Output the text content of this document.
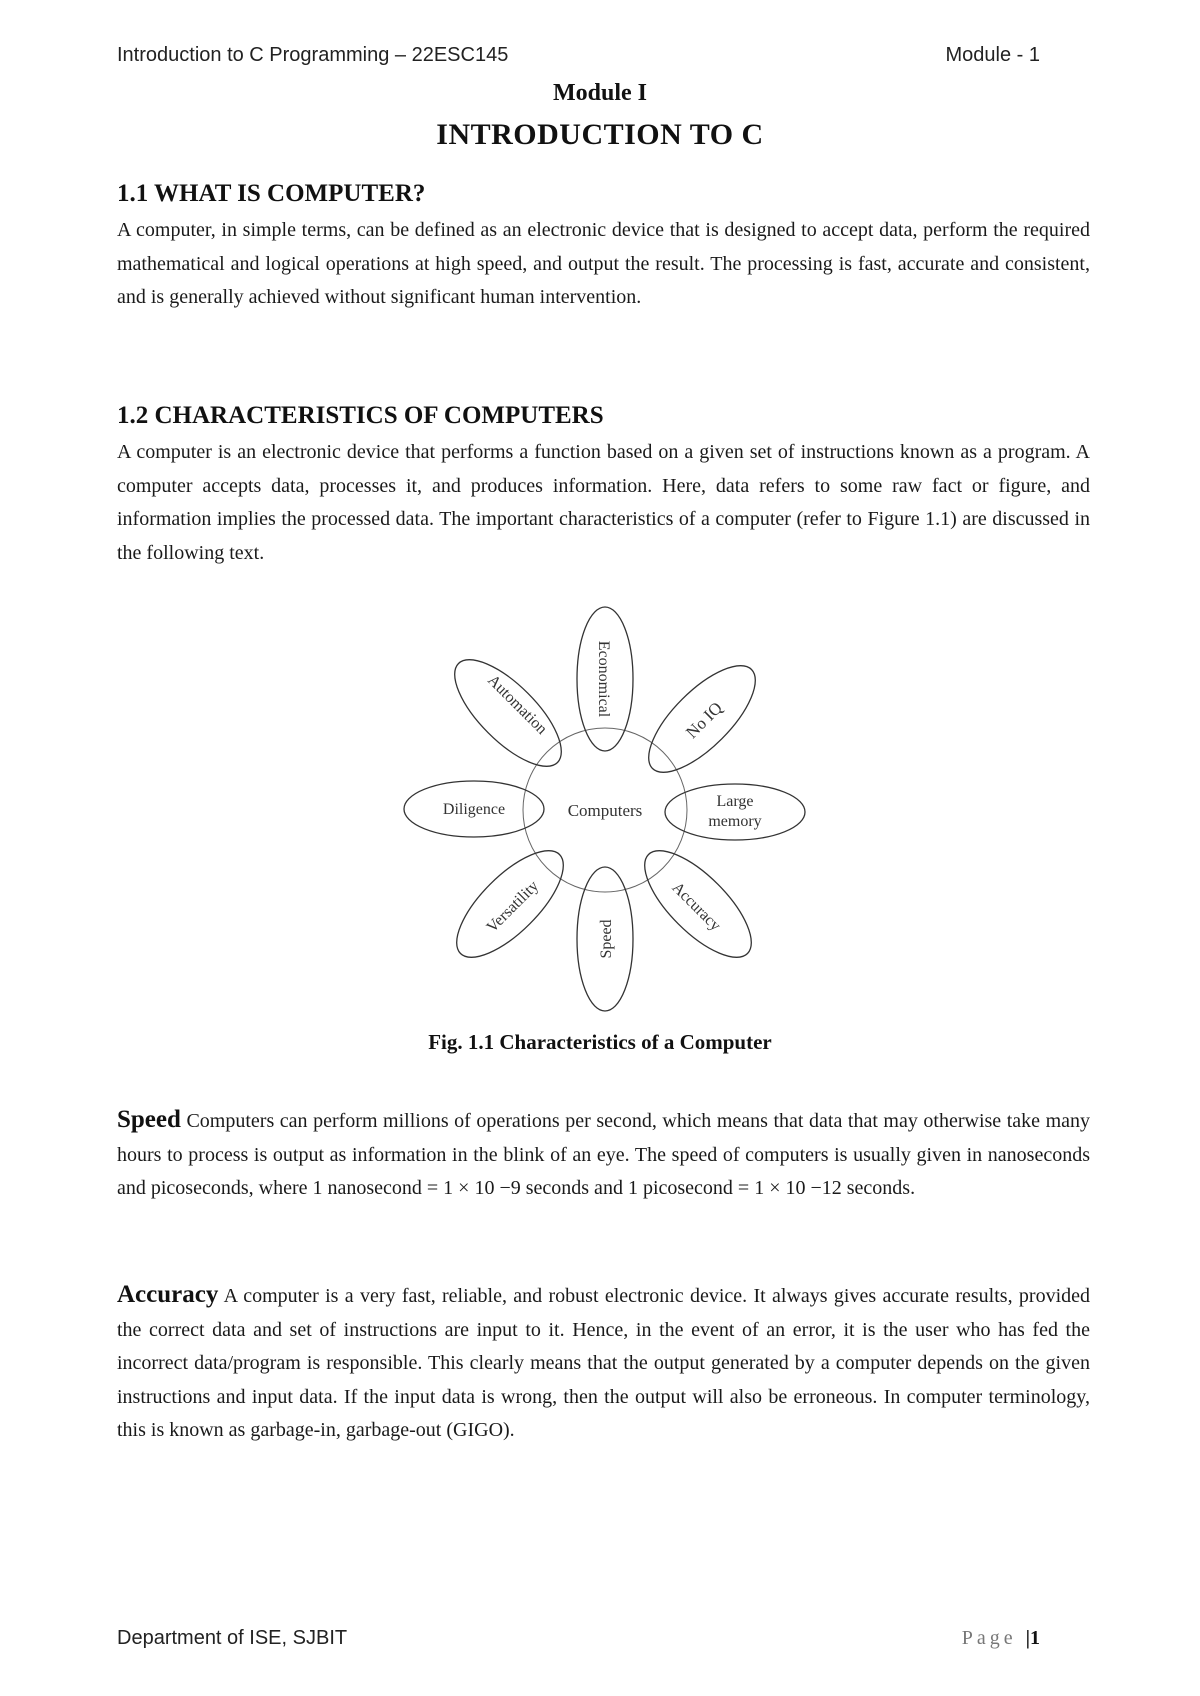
Introduction to C Programming – 22ESC145	Module - 1
Module I
INTRODUCTION TO C
1.1 WHAT IS COMPUTER?
A computer, in simple terms, can be defined as an electronic device that is designed to accept data, perform the required mathematical and logical operations at high speed, and output the result. The processing is fast, accurate and consistent, and is generally achieved without significant human intervention.
1.2 CHARACTERISTICS OF COMPUTERS
A computer is an electronic device that performs a function based on a given set of instructions known as a program. A computer accepts data, processes it, and produces information. Here, data refers to some raw fact or figure, and information implies the processed data. The important characteristics of a computer (refer to Figure 1.1) are discussed in the following text.
Computers
Economical
No IQ
Large
memory
Accuracy
Speed
Versatility
Diligence
Automation
Fig. 1.1 Characteristics of a Computer
Speed Computers can perform millions of operations per second, which means that data that may otherwise take many hours to process is output as information in the blink of an eye. The speed of computers is usually given in nanoseconds and picoseconds, where 1 nanosecond = 1 × 10 −9 seconds and 1 picosecond = 1 × 10 −12 seconds.
Accuracy A computer is a very fast, reliable, and robust electronic device. It always gives accurate results, provided the correct data and set of instructions are input to it. Hence, in the event of an error, it is the user who has fed the incorrect data/program is responsible. This clearly means that the output generated by a computer depends on the given instructions and input data. If the input data is wrong, then the output will also be erroneous. In computer terminology, this is known as garbage-in, garbage-out (GIGO).
Department of ISE, SJBIT	Page |1
